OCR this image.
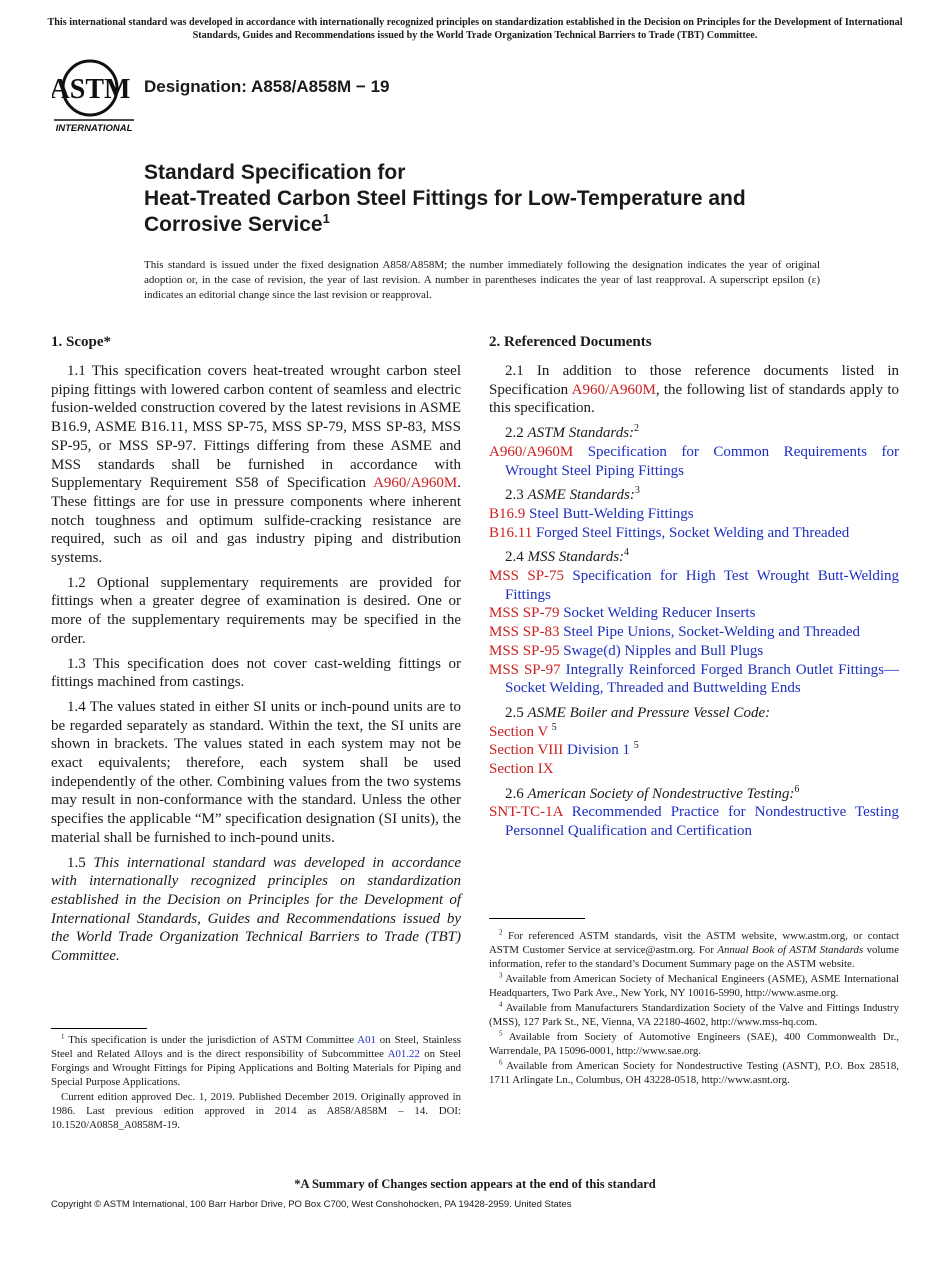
This international standard was developed in accordance with internationally recognized principles on standardization established in the Decision on Principles for the Development of International Standards, Guides and Recommendations issued by the World Trade Organization Technical Barriers to Trade (TBT) Committee.
ASTM
INTERNATIONAL
Designation: A858/A858M − 19
Standard Specification for
Heat-Treated Carbon Steel Fittings for Low-Temperature and
Corrosive Service$^1$
This standard is issued under the fixed designation A858/A858M; the number immediately following the designation indicates the year of original adoption or, in the case of revision, the year of last revision. A number in parentheses indicates the year of last reapproval. A superscript epsilon (ε) indicates an editorial change since the last revision or reapproval.
1. Scope*

1.1 This specification covers heat-treated wrought carbon steel piping fittings with lowered carbon content of seamless and electric fusion-welded construction covered by the latest revisions in ASME B16.9, ASME B16.11, MSS SP-75, MSS SP-79, MSS SP-83, MSS SP-95, or MSS SP-97. Fittings differing from these ASME and MSS standards shall be furnished in accordance with Supplementary Requirement S58 of Specification A960/A960M. These fittings are for use in pressure components where inherent notch toughness and optimum sulfide-cracking resistance are required, such as oil and gas industry piping and distribution systems.

1.2 Optional supplementary requirements are provided for fittings when a greater degree of examination is desired. One or more of the supplementary requirements may be specified in the order.

1.3 This specification does not cover cast-welding fittings or fittings machined from castings.

1.4 The values stated in either SI units or inch-pound units are to be regarded separately as standard. Within the text, the SI units are shown in brackets. The values stated in each system may not be exact equivalents; therefore, each system shall be used independently of the other. Combining values from the two systems may result in non-conformance with the standard. Unless the other specifies the applicable “M” specification designation (SI units), the material shall be furnished to inch-pound units.

1.5 This international standard was developed in accordance with internationally recognized principles on standardization established in the Decision on Principles for the Development of International Standards, Guides and Recommendations issued by the World Trade Organization Technical Barriers to Trade (TBT) Committee.

2. Referenced Documents

2.1 In addition to those reference documents listed in Specification A960/A960M, the following list of standards apply to this specification.

2.2 ASTM Standards:$^2$
A960/A960M Specification for Common Requirements for Wrought Steel Piping Fittings
2.3 ASME Standards:$^3$
B16.9 Steel Butt-Welding Fittings
B16.11 Forged Steel Fittings, Socket Welding and Threaded
2.4 MSS Standards:$^4$
MSS SP-75 Specification for High Test Wrought Butt-Welding Fittings
MSS SP-79 Socket Welding Reducer Inserts
MSS SP-83 Steel Pipe Unions, Socket-Welding and Threaded
MSS SP-95 Swage(d) Nipples and Bull Plugs
MSS SP-97 Integrally Reinforced Forged Branch Outlet Fittings—Socket Welding, Threaded and Buttwelding Ends
2.5 ASME Boiler and Pressure Vessel Code:
Section V $^5$
Section VIII Division 1 $^5$
Section IX
2.6 American Society of Nondestructive Testing:$^6$
SNT-TC-1A Recommended Practice for Nondestructive Testing Personnel Qualification and Certification

$^1$ This specification is under the jurisdiction of ASTM Committee A01 on Steel, Stainless Steel and Related Alloys and is the direct responsibility of Subcommittee A01.22 on Steel Forgings and Wrought Fittings for Piping Applications and Bolting Materials for Piping and Special Purpose Applications.

Current edition approved Dec. 1, 2019. Published December 2019. Originally approved in 1986. Last previous edition approved in 2014 as A858/A858M – 14. DOI: 10.1520/A0858_A0858M-19.

$^2$ For referenced ASTM standards, visit the ASTM website, www.astm.org, or contact ASTM Customer Service at service@astm.org. For Annual Book of ASTM Standards volume information, refer to the standard’s Document Summary page on the ASTM website.

$^3$ Available from American Society of Mechanical Engineers (ASME), ASME International Headquarters, Two Park Ave., New York, NY 10016-5990, http://www.asme.org.

$^4$ Available from Manufacturers Standardization Society of the Valve and Fittings Industry (MSS), 127 Park St., NE, Vienna, VA 22180-4602, http://www.mss-hq.com.

$^5$ Available from Society of Automotive Engineers (SAE), 400 Commonwealth Dr., Warrendale, PA 15096-0001, http://www.sae.org.

$^6$ Available from American Society for Nondestructive Testing (ASNT), P.O. Box 28518, 1711 Arlingate Ln., Columbus, OH 43228-0518, http://www.asnt.org.

*A Summary of Changes section appears at the end of this standard
Copyright © ASTM International, 100 Barr Harbor Drive, PO Box C700, West Conshohocken, PA 19428-2959. United States
